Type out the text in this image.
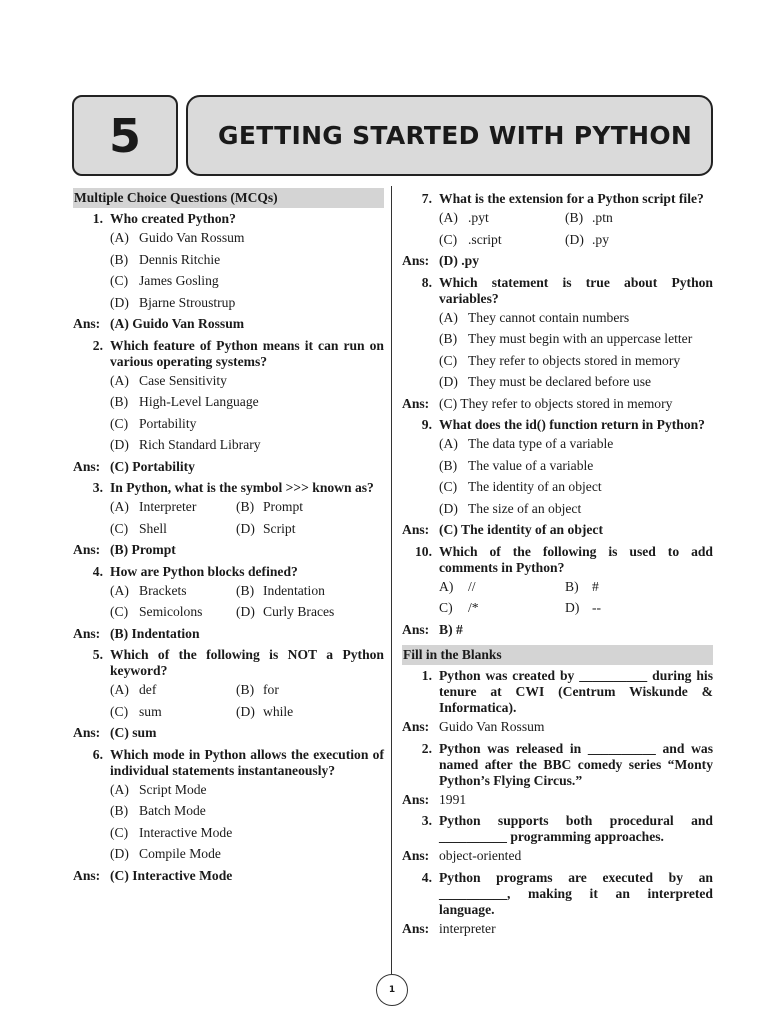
5	GETTING STARTED WITH PYTHON
Multiple Choice Questions (MCQs)
1. Who created Python?
(A) Guido Van Rossum
(B) Dennis Ritchie
(C) James Gosling
(D) Bjarne Stroustrup
Ans: (A) Guido Van Rossum
2. Which feature of Python means it can run on various operating systems?
(A) Case Sensitivity
(B) High-Level Language
(C) Portability
(D) Rich Standard Library
Ans: (C) Portability
3. In Python, what is the symbol >>> known as?
(A) Interpreter	(B) Prompt
(C) Shell	(D) Script
Ans: (B) Prompt
4. How are Python blocks defined?
(A) Brackets	(B) Indentation
(C) Semicolons (D) Curly Braces
Ans: (B) Indentation
5. Which of the following is NOT a Python keyword?
(A) def	(B) for
(C) sum	(D) while
Ans: (C) sum
6. Which mode in Python allows the execution of individual statements instantaneously?
(A) Script Mode
(B) Batch Mode
(C) Interactive Mode
(D) Compile Mode
Ans: (C) Interactive Mode
7. What is the extension for a Python script file?
(A) .pyt	(B) .ptn
(C) .script	(D) .py
Ans: (D) .py
8. Which statement is true about Python variables?
(A) They cannot contain numbers
(B) They must begin with an uppercase letter
(C) They refer to objects stored in memory
(D) They must be declared before use
Ans: (C) They refer to objects stored in memory
9. What does the id() function return in Python?
(A) The data type of a variable
(B) The value of a variable
(C) The identity of an object
(D) The size of an object
Ans: (C) The identity of an object
10. Which of the following is used to add comments in Python?
A) //	B) #
C) /*	D) --
Ans: B) #
Fill in the Blanks
1. Python was created by __________ during his tenure at CWI (Centrum Wiskunde & Informatica).
Ans: Guido Van Rossum
2. Python was released in __________ and was named after the BBC comedy series “Monty Python’s Flying Circus.”
Ans: 1991
3. Python supports both procedural and __________ programming approaches.
Ans: object-oriented
4. Python programs are executed by an __________, making it an interpreted language.
Ans: interpreter
1
